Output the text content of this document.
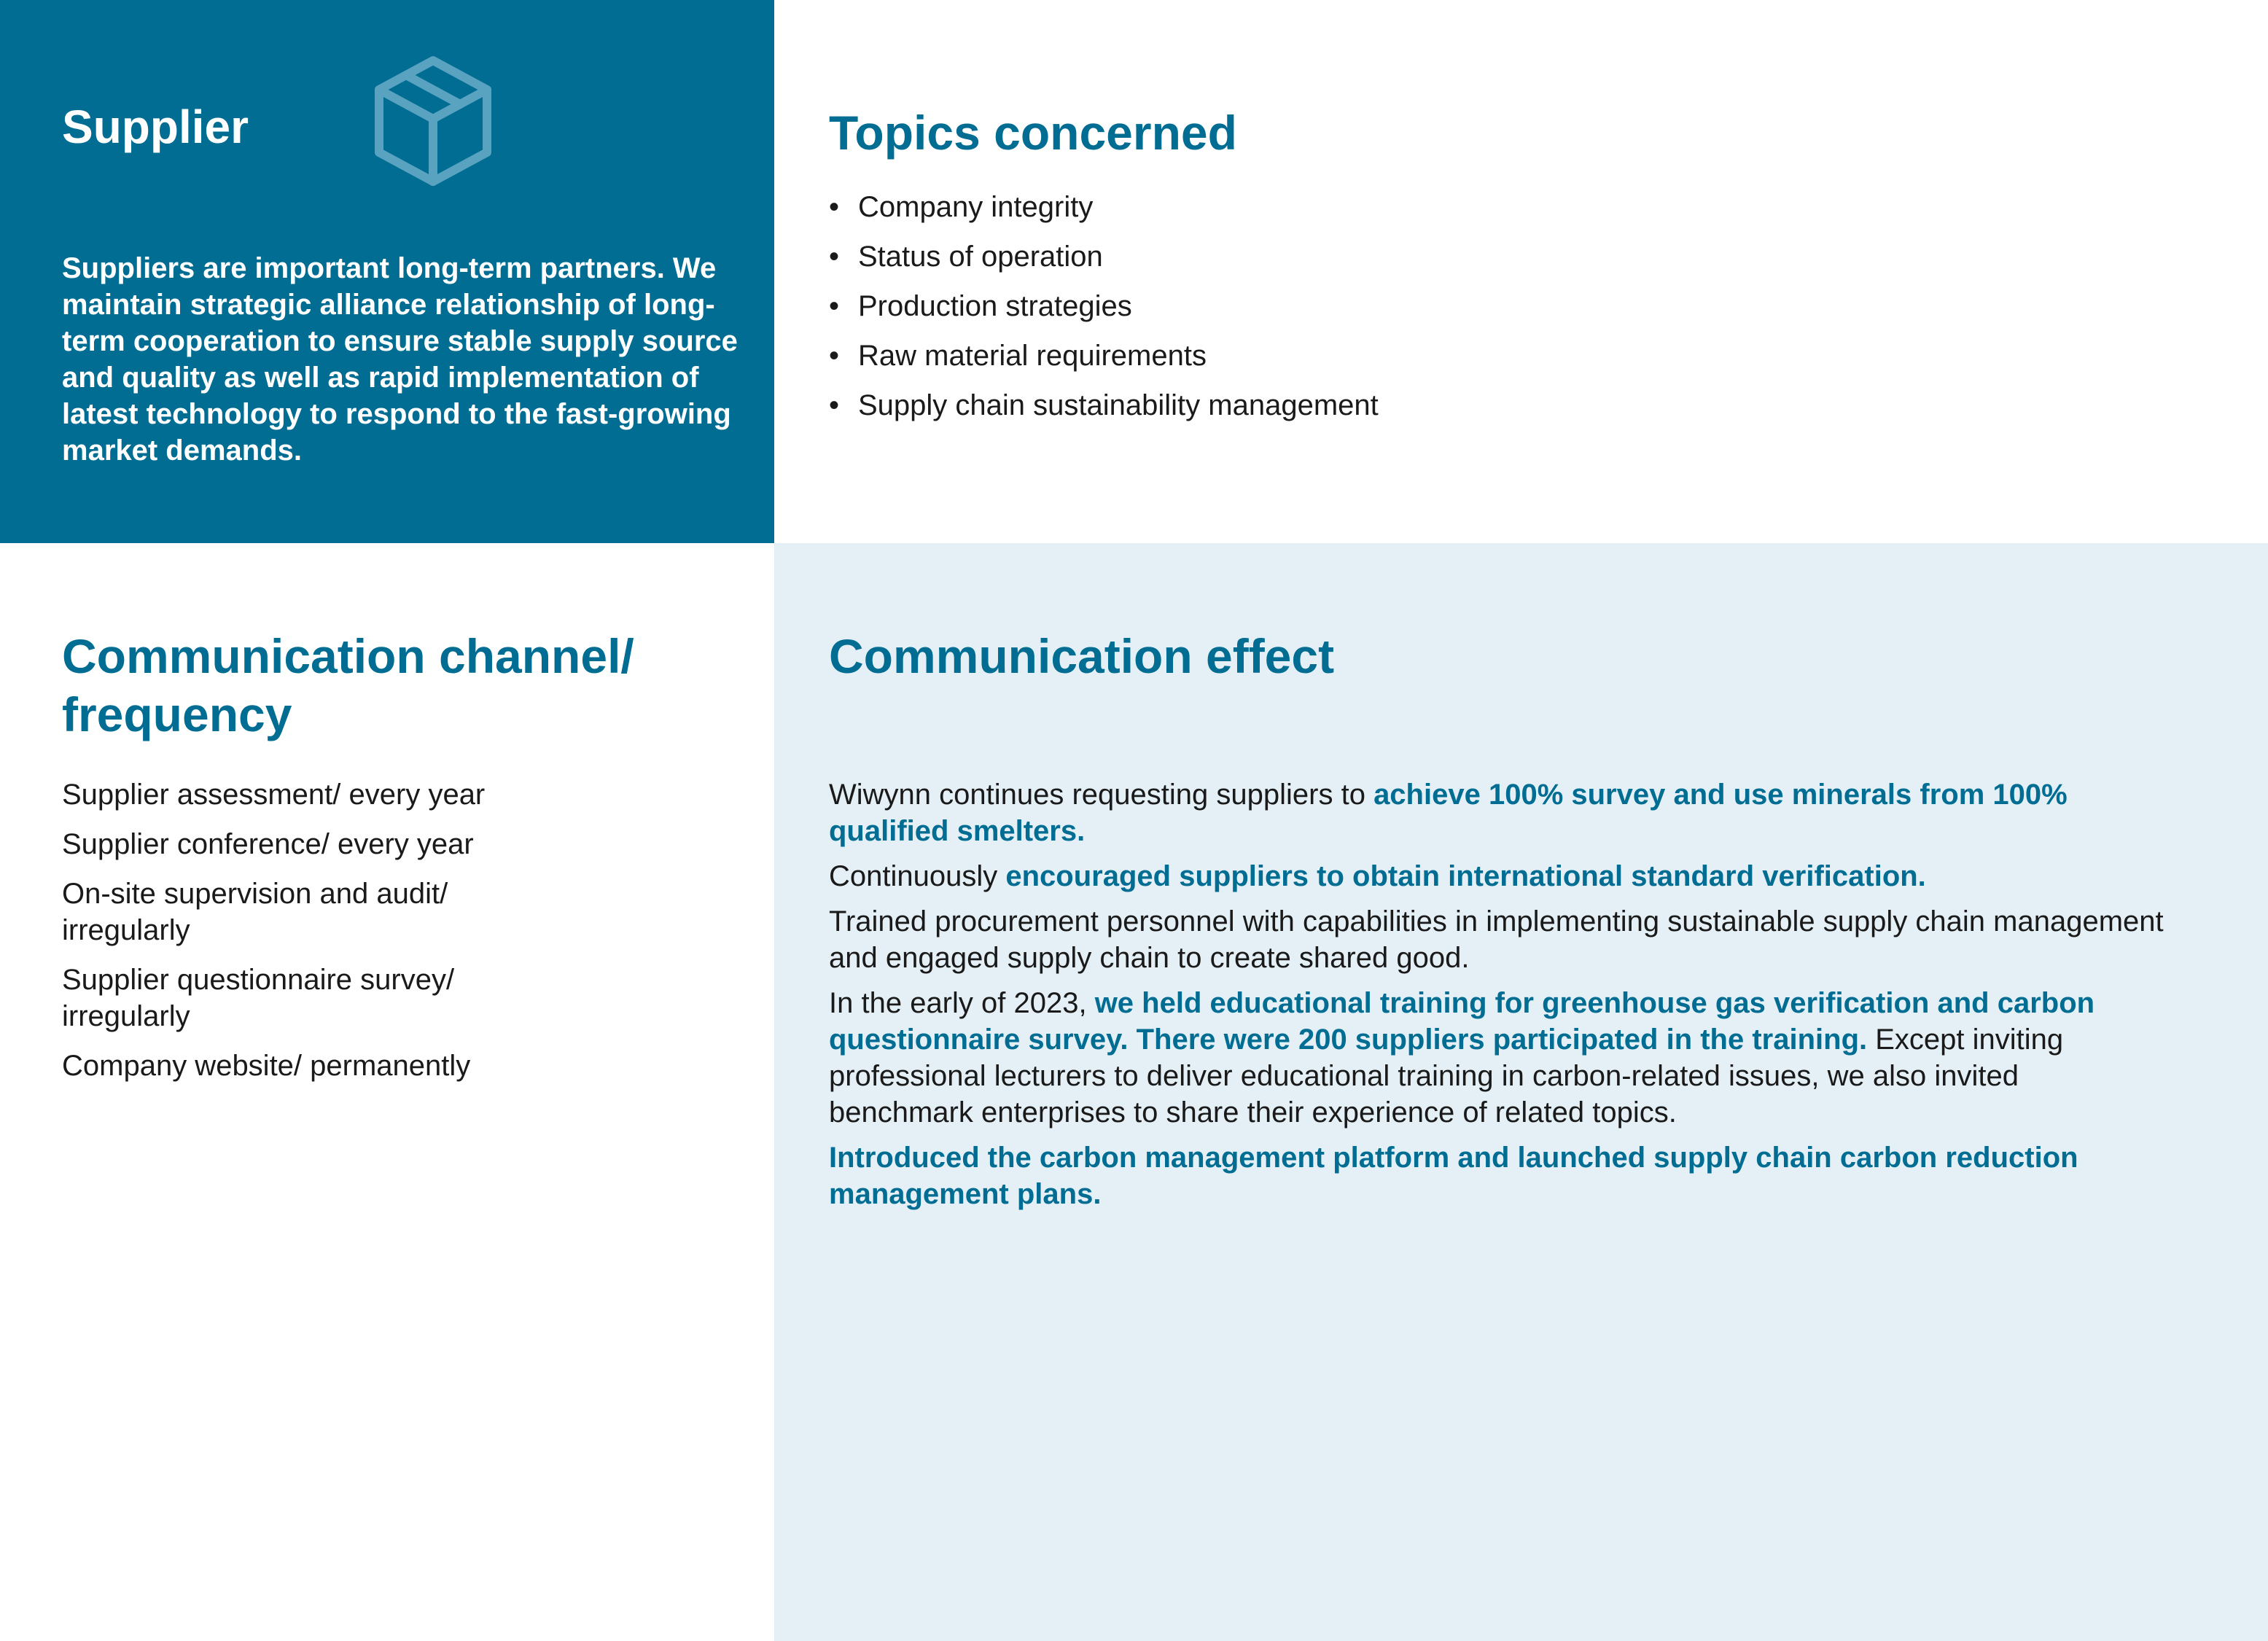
Supplier

Suppliers are important long-term partners. We maintain strategic alliance relationship of long-term cooperation to ensure stable supply source and quality as well as rapid implementation of latest technology to respond to the fast-growing market demands.

Topics concerned
• Company integrity
• Status of operation
• Production strategies
• Raw material requirements
• Supply chain sustainability management
Communication channel/ frequency
Supplier assessment/ every year
Supplier conference/ every year
On-site supervision and audit/ irregularly
Supplier questionnaire survey/ irregularly
Company website/ permanently
Communication effect

Wiwynn continues requesting suppliers to achieve 100% survey and use minerals from 100% qualified smelters.

Continuously encouraged suppliers to obtain international standard verification.

Trained procurement personnel with capabilities in implementing sustainable supply chain management and engaged supply chain to create shared good.

In the early of 2023, we held educational training for greenhouse gas verification and carbon questionnaire survey. There were 200 suppliers participated in the training. Except inviting professional lecturers to deliver educational training in carbon-related issues, we also invited benchmark enterprises to share their experience of related topics.

Introduced the carbon management platform and launched supply chain carbon reduction management plans.
